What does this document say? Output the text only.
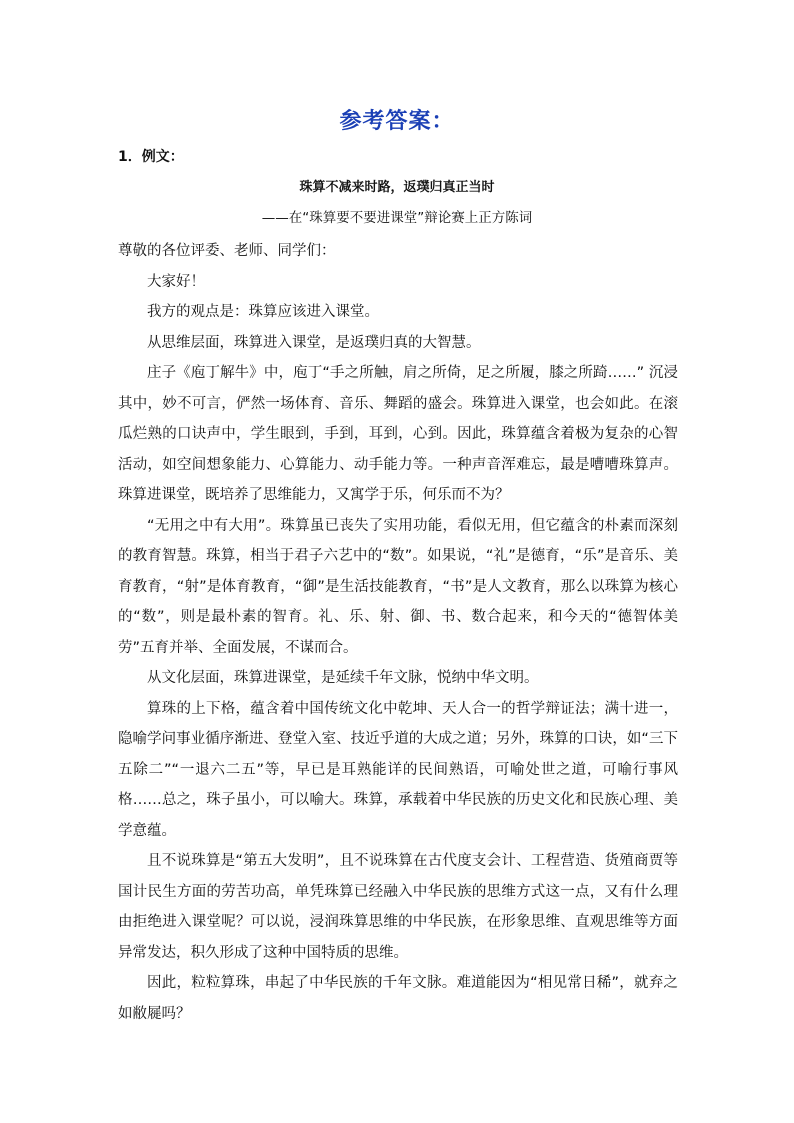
参考答案：
1．例文：
珠算不减来时路，返璞归真正当时
——在“珠算要不要进课堂”辩论赛上正方陈词

尊敬的各位评委、老师、同学们：

大家好！

我方的观点是：珠算应该进入课堂。

从思维层面，珠算进入课堂，是返璞归真的大智慧。

庄子《庖丁解牛》中，庖丁“手之所触，肩之所倚，足之所履，膝之所踦……” 沉浸其中，妙不可言，俨然一场体育、音乐、舞蹈的盛会。珠算进入课堂，也会如此。在滚瓜烂熟的口诀声中，学生眼到，手到，耳到，心到。因此，珠算蕴含着极为复杂的心智活动，如空间想象能力、心算能力、动手能力等。一种声音浑难忘，最是嘈嘈珠算声。珠算进课堂，既培养了思维能力，又寓学于乐，何乐而不为？

“无用之中有大用”。珠算虽已丧失了实用功能，看似无用，但它蕴含的朴素而深刻的教育智慧。珠算，相当于君子六艺中的“数”。如果说，“礼”是德育，“乐”是音乐、美育教育，“射”是体育教育，“御”是生活技能教育，“书”是人文教育，那么以珠算为核心的“数”，则是最朴素的智育。礼、乐、射、御、书、数合起来，和今天的“德智体美劳”五育并举、全面发展，不谋而合。

从文化层面，珠算进课堂，是延续千年文脉，悦纳中华文明。

算珠的上下格，蕴含着中国传统文化中乾坤、天人合一的哲学辩证法；满十进一，隐喻学问事业循序渐进、登堂入室、技近乎道的大成之道；另外，珠算的口诀，如“三下五除二”“一退六二五”等，早已是耳熟能详的民间熟语，可喻处世之道，可喻行事风格……总之，珠子虽小，可以喻大。珠算，承载着中华民族的历史文化和民族心理、美学意蕴。

且不说珠算是“第五大发明”，且不说珠算在古代度支会计、工程营造、货殖商贾等国计民生方面的劳苦功高，单凭珠算已经融入中华民族的思维方式这一点，又有什么理由拒绝进入课堂呢？可以说，浸润珠算思维的中华民族，在形象思维、直观思维等方面异常发达，积久形成了这种中国特质的思维。

因此，粒粒算珠，串起了中华民族的千年文脉。难道能因为“相见常日稀”，就弃之如敝屣吗？
